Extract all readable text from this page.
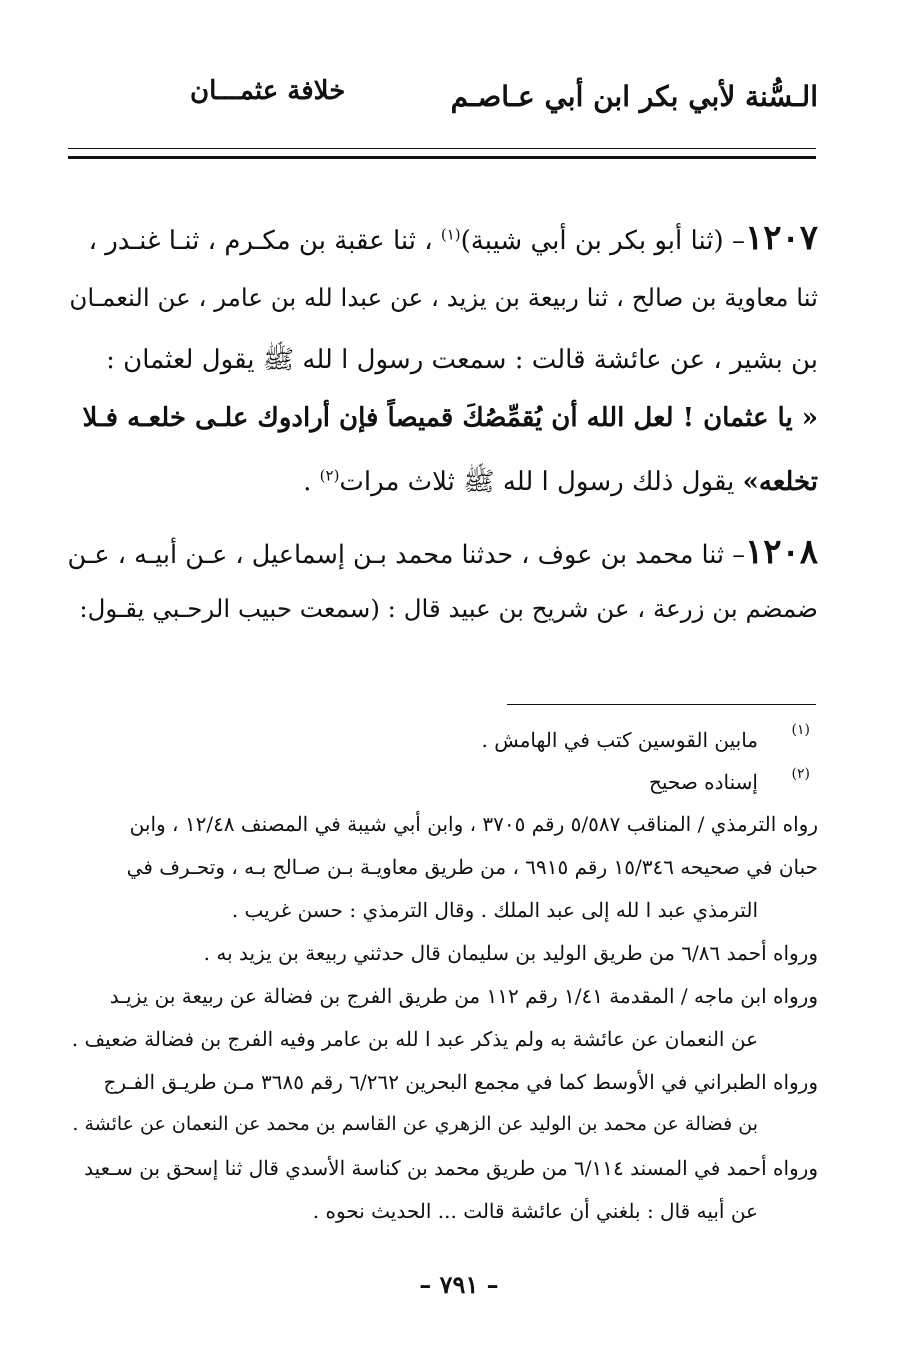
الـسُّنة لأبي بكر ابن أبي عـاصـم
خلافة عثمـــان
١٢٠٧– (ثنا أبو بكر بن أبي شيبة)$^{(١)}$ ، ثنا عقبة بن مكـرم ، ثنـا غنـدر ،
ثنا معاوية بن صالح ، ثنا ربيعة بن يزيد ، عن عبدا لله بن عامر ، عن النعمـان
بن بشير ، عن عائشة قالت : سمعت رسول ا لله ﷺ يقول لعثمان :
« يا عثمان ! لعل الله أن يُقمِّصُكَ قميصاً فإن أرادوك علـى خلعـه فـلا
تخلعه» يقول ذلك رسول ا لله ﷺ ثلاث مرات$^{(٢)}$ .
١٢٠٨– ثنا محمد بن عوف ، حدثنا محمد بـن إسماعيل ، عـن أبيـه ، عـن
ضمضم بن زرعة ، عن شريح بن عبيد قال : (سمعت حبيب الرحـبي يقـول:
(١)
مابين القوسين كتب في الهامش .
(٢)
إسناده صحيح
رواه الترمذي / المناقب ٥/٥٨٧ رقم ٣٧٠٥ ، وابن أبي شيبة في المصنف ١٢/٤٨ ، وابن
حبان في صحيحه ١٥/٣٤٦ رقم ٦٩١٥ ، من طريق معاويـة بـن صـالح بـه ، وتحـرف في
الترمذي عبد ا لله إلى عبد الملك . وقال الترمذي : حسن غريب .
ورواه أحمد ٦/٨٦ من طريق الوليد بن سليمان قال حدثني ربيعة بن يزيد به .
ورواه ابن ماجه / المقدمة ١/٤١ رقم ١١٢ من طريق الفرج بن فضالة عن ربيعة بن يزيـد
عن النعمان عن عائشة به ولم يذكر عبد ا لله بن عامر وفيه الفرج بن فضالة ضعيف .
ورواه الطبراني في الأوسط كما في مجمع البحرين ٦/٢٦٢ رقم ٣٦٨٥ مـن طريـق الفـرج
بن فضالة عن محمد بن الوليد عن الزهري عن القاسم بن محمد عن النعمان عن عائشة .
ورواه أحمد في المسند ٦/١١٤ من طريق محمد بن كناسة الأسدي قال ثنا إسحق بن سـعيد
عن أبيه قال : بلغني أن عائشة قالت ... الحديث نحوه .
– ٧٩١ –
